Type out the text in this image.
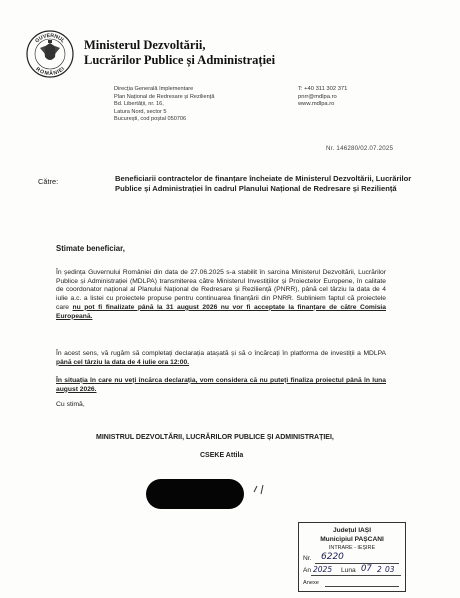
GUVERNUL
ROMÂNIEI
Ministerul Dezvoltării,
Lucrărilor Publice și Administrației
Direcția Generală Implementare
Plan Național de Redresare și Reziliență
Bd. Libertății, nr. 16,
Latura Nord, sector 5
București, cod poștal 050706
T: +40 311 302 371
pnrr@mdlpa.ro
www.mdlpa.ro
Nr. 146280/02.07.2025
Către:	Beneficiarii contractelor de finanțare încheiate de Ministerul Dezvoltării, Lucrărilor Publice și Administrației în cadrul Planului Național de Redresare și Reziliență
Stimate beneficiar,
În ședința Guvernului României din data de 27.06.2025 s-a stabilit în sarcina Ministerul Dezvoltării, Lucrărilor Publice și Administrației (MDLPA) transmiterea către Ministerul Investițiilor și Proiectelor Europene, în calitate de coordonator național al Planului Național de Redresare și Reziliență (PNRR), până cel târziu la data de 4 iulie a.c. a listei cu proiectele propuse pentru continuarea finanțării din PNRR. Subliniem faptul că proiectele care nu pot fi finalizate până la 31 august 2026 nu vor fi acceptate la finanțare de către Comisia Europeană.
În acest sens, vă rugăm să completați declarația atașată și să o încărcați în platforma de investiții a MDLPA până cel târziu la data de 4 iulie ora 12:00.
În situația în care nu veți încărca declarația, vom considera că nu puteți finaliza proiectul până în luna august 2026.
Cu stimă,
MINISTRUL DEZVOLTĂRII, LUCRĂRILOR PUBLICE ȘI ADMINISTRAȚIEI,
CSEKE Attila
Județul IAȘI
Municipiul PAȘCANI
INTRARE - IEȘIRE
Nr. 6220
An 2025 Luna 07 2 03
Anexe
